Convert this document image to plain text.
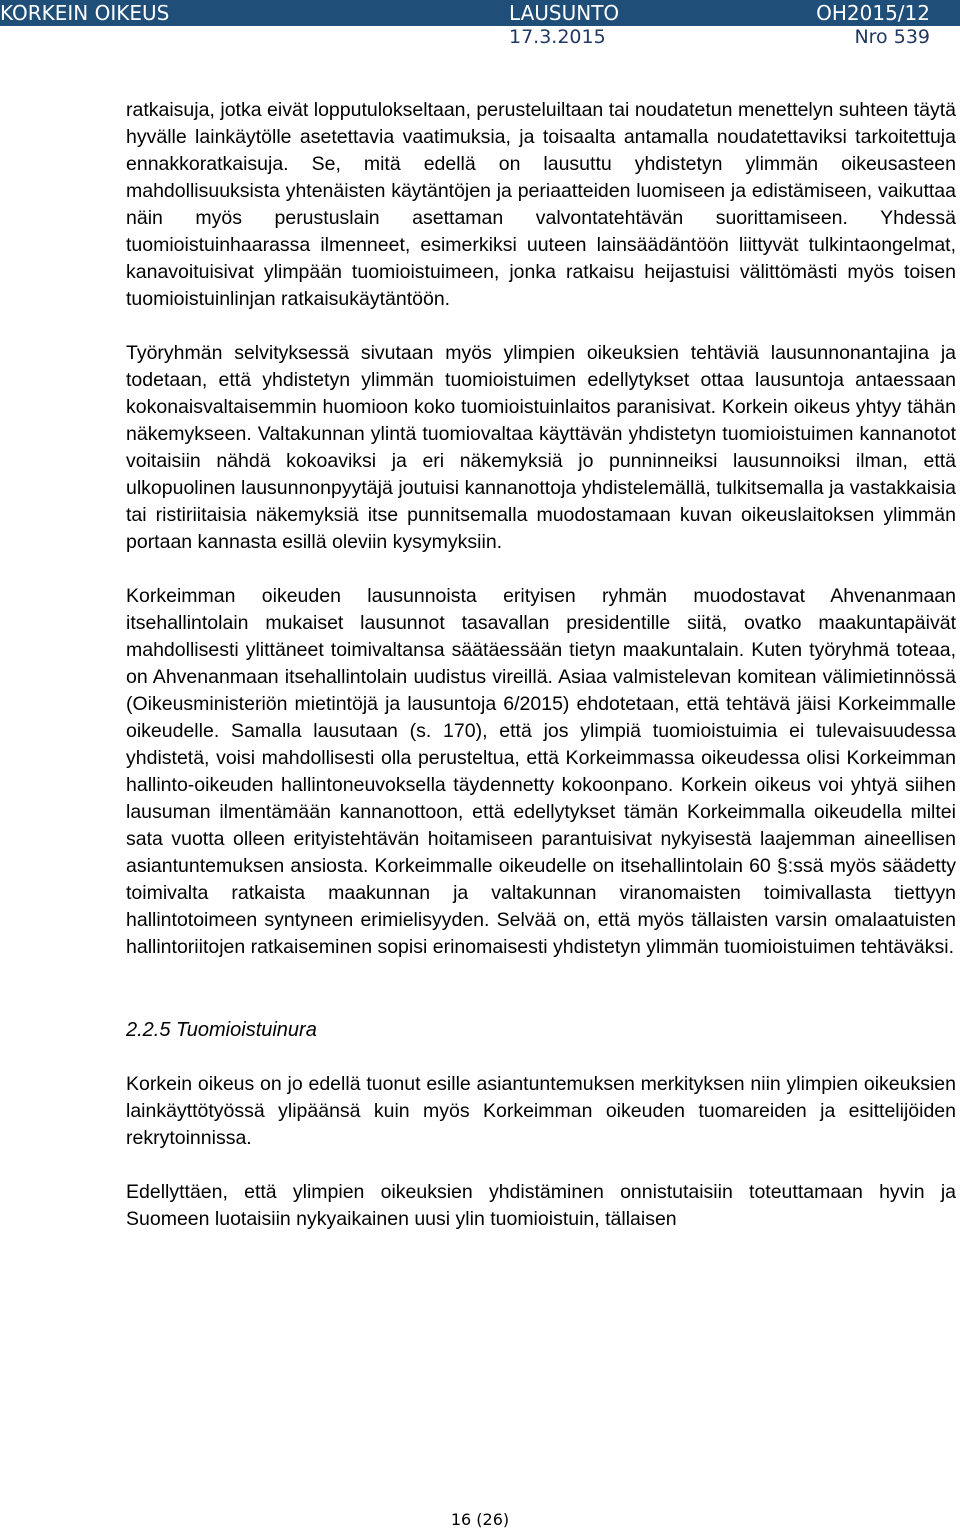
KORKEIN OIKEUS	LAUSUNTO	OH2015/12
17.3.2015	Nro 539

ratkaisuja, jotka eivät lopputulokseltaan, perusteluiltaan tai noudatetun menettelyn suhteen täytä hyvälle lainkäytölle asetettavia vaatimuksia, ja toisaalta antamalla noudatettaviksi tarkoitettuja ennakkoratkaisuja. Se, mitä edellä on lausuttu yhdistetyn ylimmän oikeusasteen mahdollisuuksista yhtenäisten käytäntöjen ja periaatteiden luomiseen ja edistämiseen, vaikuttaa näin myös perustuslain asettaman valvontatehtävän suorittamiseen. Yhdessä tuomioistuinhaarassa ilmenneet, esimerkiksi uuteen lainsäädäntöön liittyvät tulkintaongelmat, kanavoituisivat ylimpään tuomioistuimeen, jonka ratkaisu heijastuisi välittömästi myös toisen tuomioistuinlinjan ratkaisukäytäntöön.

Työryhmän selvityksessä sivutaan myös ylimpien oikeuksien tehtäviä lausunnonantajina ja todetaan, että yhdistetyn ylimmän tuomioistuimen edellytykset ottaa lausuntoja antaessaan kokonaisvaltaisemmin huomioon koko tuomioistuinlaitos paranisivat. Korkein oikeus yhtyy tähän näkemykseen. Valtakunnan ylintä tuomiovaltaa käyttävän yhdistetyn tuomioistuimen kannanotot voitaisiin nähdä kokoaviksi ja eri näkemyksiä jo punninneiksi lausunnoiksi ilman, että ulkopuolinen lausunnonpyytäjä joutuisi kannanottoja yhdistelemällä, tulkitsemalla ja vastakkaisia tai ristiriitaisia näkemyksiä itse punnitsemalla muodostamaan kuvan oikeuslaitoksen ylimmän portaan kannasta esillä oleviin kysymyksiin.

Korkeimman oikeuden lausunnoista erityisen ryhmän muodostavat Ahvenanmaan itsehallintolain mukaiset lausunnot tasavallan presidentille siitä, ovatko maakuntapäivät mahdollisesti ylittäneet toimivaltansa säätäessään tietyn maakuntalain. Kuten työryhmä toteaa, on Ahvenanmaan itsehallintolain uudistus vireillä. Asiaa valmistelevan komitean välimietinnössä (Oikeusministeriön mietintöjä ja lausuntoja 6/2015) ehdotetaan, että tehtävä jäisi Korkeimmalle oikeudelle. Samalla lausutaan (s. 170), että jos ylimpiä tuomioistuimia ei tulevaisuudessa yhdistetä, voisi mahdollisesti olla perusteltua, että Korkeimmassa oikeudessa olisi Korkeimman hallinto-oikeuden hallintoneuvoksella täydennetty kokoonpano. Korkein oikeus voi yhtyä siihen lausuman ilmentämään kannanottoon, että edellytykset tämän Korkeimmalla oikeudella miltei sata vuotta olleen erityistehtävän hoitamiseen parantuisivat nykyisestä laajemman aineellisen asiantuntemuksen ansiosta. Korkeimmalle oikeudelle on itsehallintolain 60 §:ssä myös säädetty toimivalta ratkaista maakunnan ja valtakunnan viranomaisten toimivallasta tiettyyn hallintotoimeen syntyneen erimielisyyden. Selvää on, että myös tällaisten varsin omalaatuisten hallintoriitojen ratkaiseminen sopisi erinomaisesti yhdistetyn ylimmän tuomioistuimen tehtäväksi.

2.2.5 Tuomioistuinura

Korkein oikeus on jo edellä tuonut esille asiantuntemuksen merkityksen niin ylimpien oikeuksien lainkäyttötyössä ylipäänsä kuin myös Korkeimman oikeuden tuomareiden ja esittelijöiden rekrytoinnissa.

Edellyttäen, että ylimpien oikeuksien yhdistäminen onnistutaisiin toteuttamaan hyvin ja Suomeen luotaisiin nykyaikainen uusi ylin tuomioistuin, tällaisen

16 (26)
